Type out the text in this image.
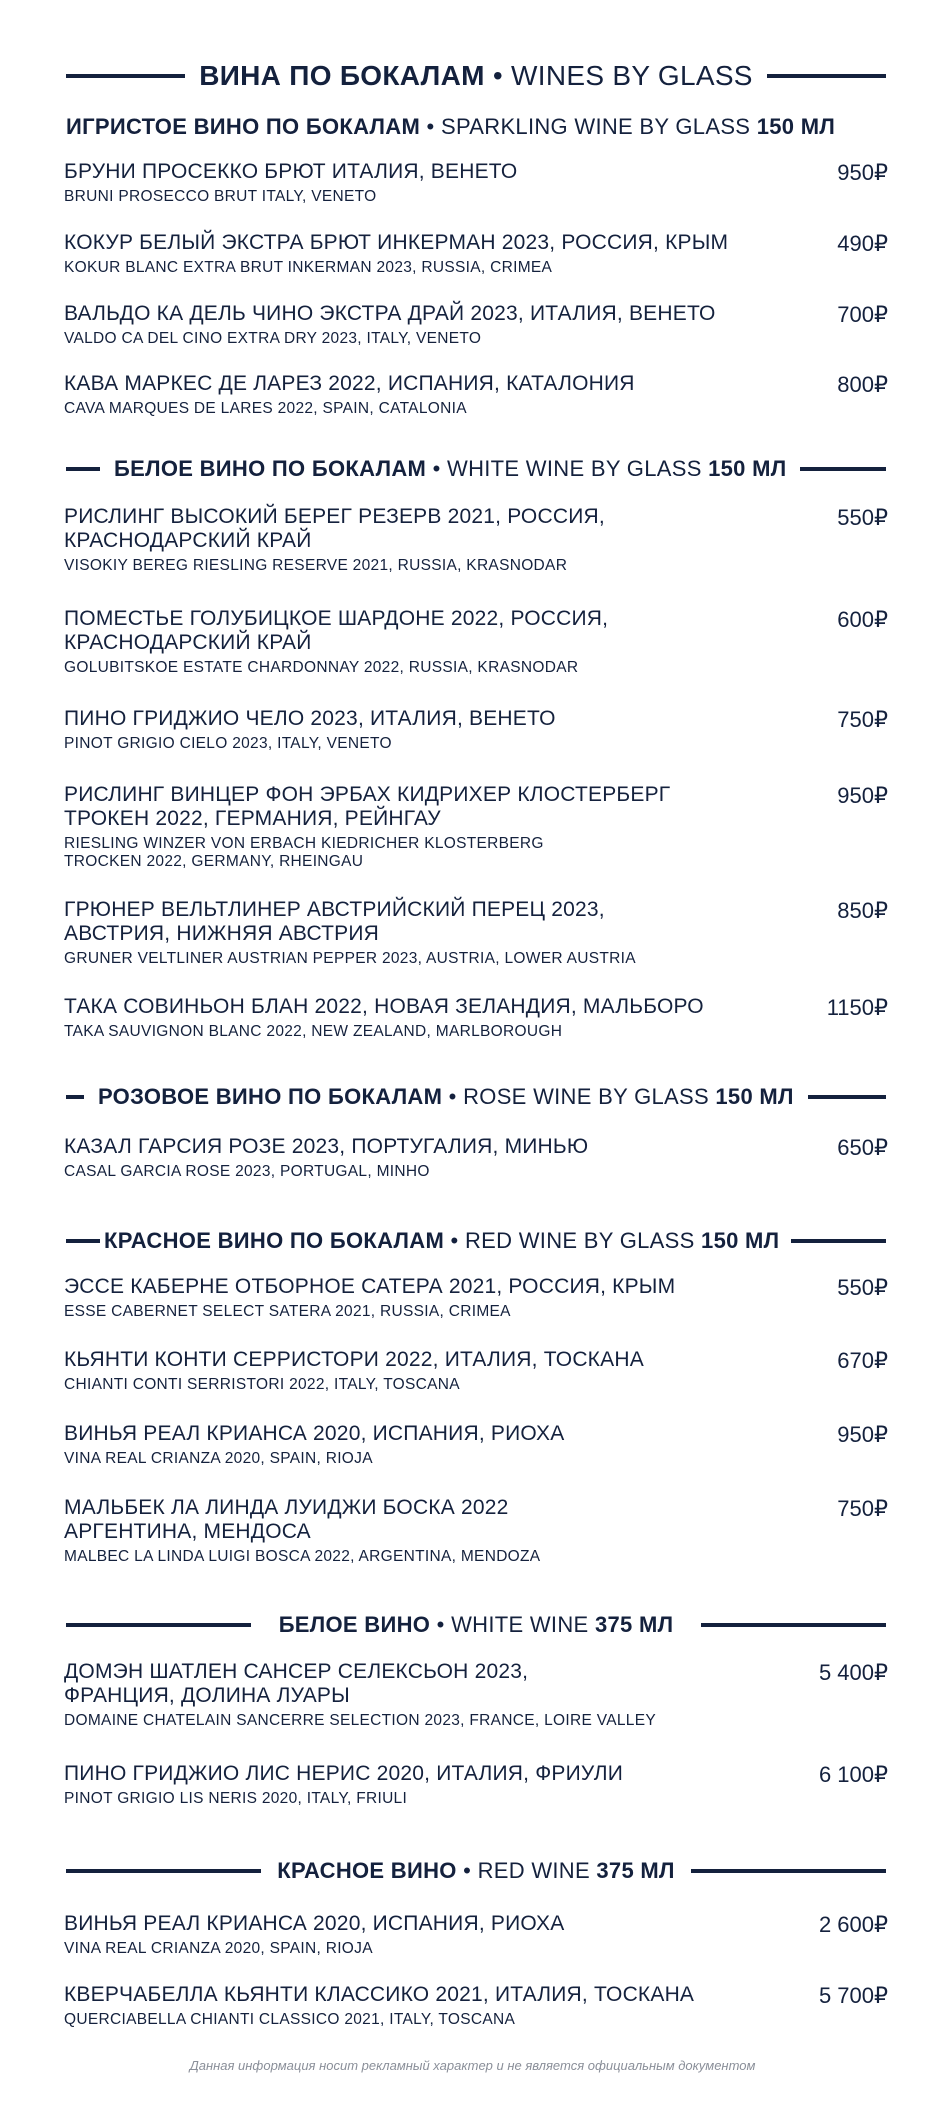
ВИНА ПО БОКАЛАМ • WINES BY GLASS
ИГРИСТОЕ ВИНО ПО БОКАЛАМ • SPARKLING WINE BY GLASS 150 МЛ
БРУНИ ПРОСЕККО БРЮТ ИТАЛИЯ, ВЕНЕТО
BRUNI PROSECCO BRUT ITALY, VENETO
950₽
КОКУР БЕЛЫЙ ЭКСТРА БРЮТ ИНКЕРМАН 2023, РОССИЯ, КРЫМ
KOKUR BLANC EXTRA BRUT INKERMAN 2023, RUSSIA, CRIMEA
490₽
ВАЛЬДО КА ДЕЛЬ ЧИНО ЭКСТРА ДРАЙ 2023, ИТАЛИЯ, ВЕНЕТО
VALDO CA DEL CINO EXTRA DRY 2023, ITALY, VENETO
700₽
КАВА МАРКЕС ДЕ ЛАРЕЗ 2022, ИСПАНИЯ, КАТАЛОНИЯ
CAVA MARQUES DE LARES 2022, SPAIN, CATALONIA
800₽
БЕЛОЕ ВИНО ПО БОКАЛАМ • WHITE WINE BY GLASS 150 МЛ
РИСЛИНГ ВЫСОКИЙ БЕРЕГ РЕЗЕРВ 2021, РОССИЯ, КРАСНОДАРСКИЙ КРАЙ
VISOKIY BEREG RIESLING RESERVE 2021, RUSSIA, KRASNODAR
550₽
ПОМЕСТЬЕ ГОЛУБИЦКОЕ ШАРДОНЕ 2022, РОССИЯ, КРАСНОДАРСКИЙ КРАЙ
GOLUBITSKOE ESTATE CHARDONNAY 2022, RUSSIA, KRASNODAR
600₽
ПИНО ГРИДЖИО ЧЕЛО 2023, ИТАЛИЯ, ВЕНЕТО
PINOT GRIGIO CIELO 2023, ITALY, VENETO
750₽
РИСЛИНГ ВИНЦЕР ФОН ЭРБАХ КИДРИХЕР КЛОСТЕРБЕРГ ТРОКЕН 2022, ГЕРМАНИЯ, РЕЙНГАУ
RIESLING WINZER VON ERBACH KIEDRICHER KLOSTERBERG TROCKEN 2022, GERMANY, RHEINGAU
950₽
ГРЮНЕР ВЕЛЬТЛИНЕР АВСТРИЙСКИЙ ПЕРЕЦ 2023, АВСТРИЯ, НИЖНЯЯ АВСТРИЯ
GRUNER VELTLINER AUSTRIAN PEPPER 2023, AUSTRIA, LOWER AUSTRIA
850₽
ТАКА СОВИНЬОН БЛАН 2022, НОВАЯ ЗЕЛАНДИЯ, МАЛЬБОРО
TAKA SAUVIGNON BLANC 2022, NEW ZEALAND, MARLBOROUGH
1150₽
РОЗОВОЕ ВИНО ПО БОКАЛАМ • ROSE WINE BY GLASS 150 МЛ
КАЗАЛ ГАРСИЯ РОЗЕ 2023, ПОРТУГАЛИЯ, МИНЬЮ
CASAL GARCIA ROSE 2023, PORTUGAL, MINHO
650₽
КРАСНОЕ ВИНО ПО БОКАЛАМ • RED WINE BY GLASS 150 МЛ
ЭССЕ КАБЕРНЕ ОТБОРНОЕ САТЕРА 2021, РОССИЯ, КРЫМ
ESSE CABERNET SELECT SATERA 2021, RUSSIA, CRIMEA
550₽
КЬЯНТИ КОНТИ СЕРРИСТОРИ 2022, ИТАЛИЯ, ТОСКАНА
CHIANTI CONTI SERRISTORI 2022, ITALY, TOSCANA
670₽
ВИНЬЯ РЕАЛ КРИАНСА 2020, ИСПАНИЯ, РИОХА
VINA REAL CRIANZA 2020, SPAIN, RIOJA
950₽
МАЛЬБЕК ЛА ЛИНДА ЛУИДЖИ БОСКА 2022 АРГЕНТИНА, МЕНДОСА
MALBEC LA LINDA LUIGI BOSCA 2022, ARGENTINA, MENDOZA
750₽
БЕЛОЕ ВИНО • WHITE WINE 375 МЛ
ДОМЭН ШАТЛЕН САНСЕР СЕЛЕКСЬОН 2023, ФРАНЦИЯ, ДОЛИНА ЛУАРЫ
DOMAINE CHATELAIN SANCERRE SELECTION 2023, FRANCE, LOIRE VALLEY
5 400₽
ПИНО ГРИДЖИО ЛИС НЕРИС 2020, ИТАЛИЯ, ФРИУЛИ
PINOT GRIGIO LIS NERIS 2020, ITALY, FRIULI
6 100₽
КРАСНОЕ ВИНО • RED WINE 375 МЛ
ВИНЬЯ РЕАЛ КРИАНСА 2020, ИСПАНИЯ, РИОХА
VINA REAL CRIANZA 2020, SPAIN, RIOJA
2 600₽
КВЕРЧАБЕЛЛА КЬЯНТИ КЛАССИКО 2021, ИТАЛИЯ, ТОСКАНА
QUERCIABELLA CHIANTI CLASSICO 2021, ITALY, TOSCANA
5 700₽
Данная информация носит рекламный характер и не является официальным документом
